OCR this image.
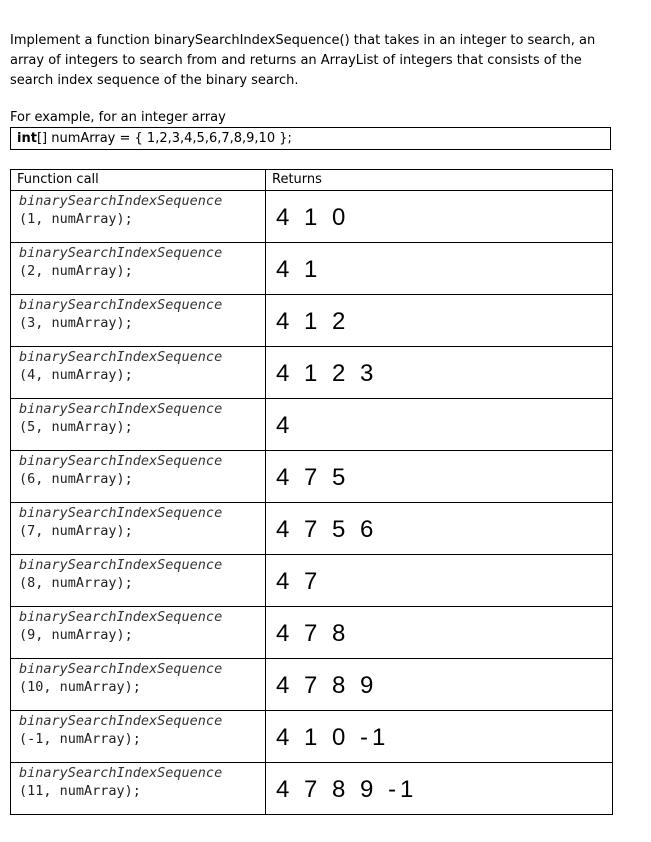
Implement a function binarySearchIndexSequence() that takes in an integer to search, an
array of integers to search from and returns an ArrayList of integers that consists of the
search index sequence of the binary search.

For example, for an integer array

int[] numArray = { 1,2,3,4,5,6,7,8,9,10 };
Function call	Returns

binarySearchIndexSequence
(1, numArray);	4 1 0

binarySearchIndexSequence
(2, numArray);	4 1

binarySearchIndexSequence
(3, numArray);	4 1 2

binarySearchIndexSequence
(4, numArray);	4 1 2 3

binarySearchIndexSequence
(5, numArray);	4

binarySearchIndexSequence
(6, numArray);	4 7 5

binarySearchIndexSequence
(7, numArray);	4 7 5 6

binarySearchIndexSequence
(8, numArray);	4 7

binarySearchIndexSequence
(9, numArray);	4 7 8

binarySearchIndexSequence
(10, numArray);	4 7 8 9

binarySearchIndexSequence
(-1, numArray);	4 1 0 -1

binarySearchIndexSequence
(11, numArray);	4 7 8 9 -1
